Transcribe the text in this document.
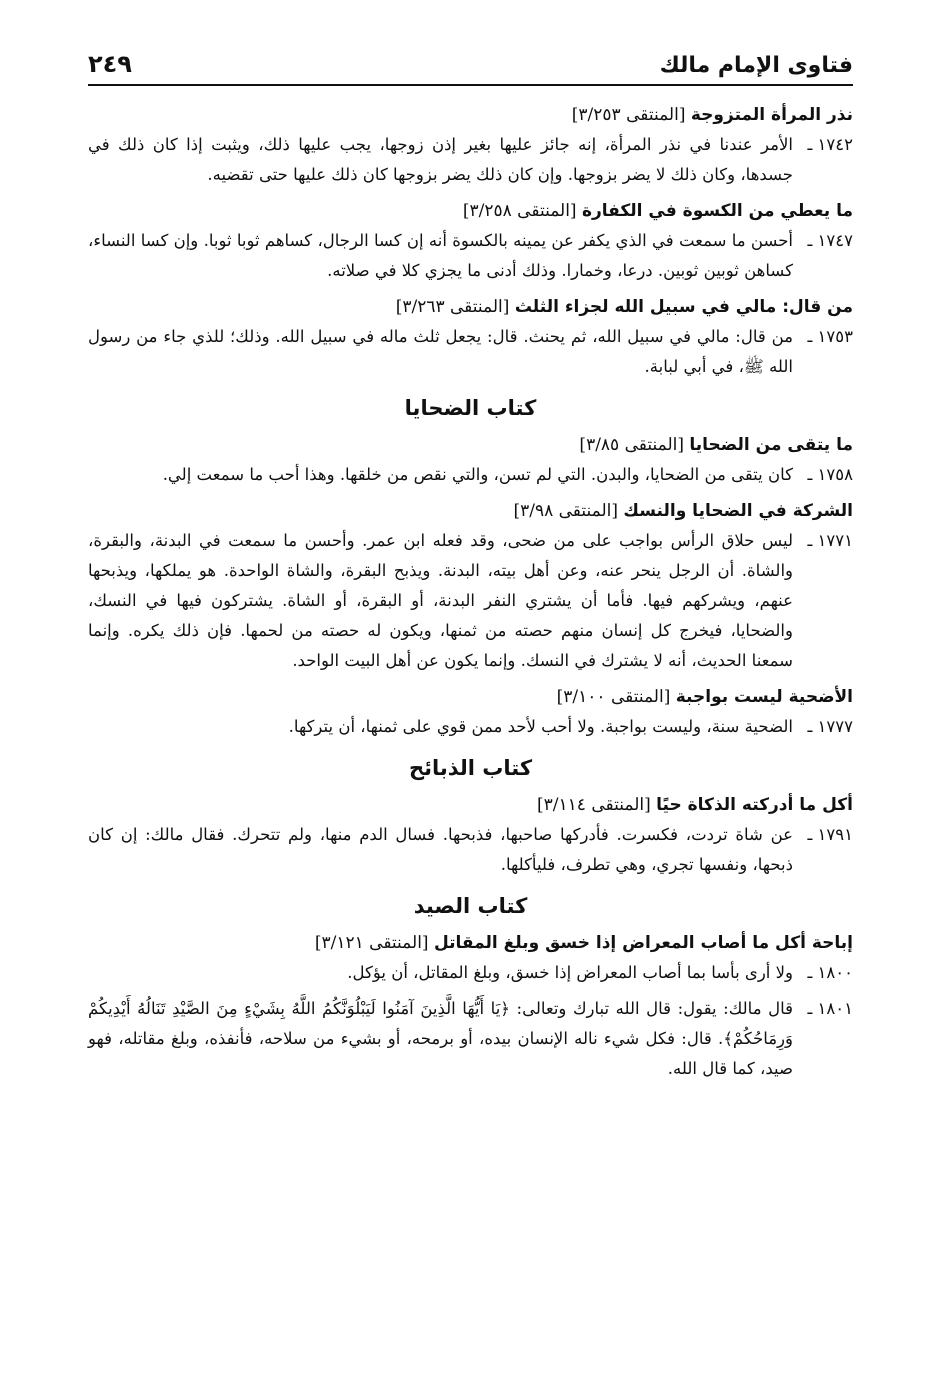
فتاوى الإمام مالك
٢٤٩
نذر المرأة المتزوجة [المنتقى ٣/٢٥٣]
١٧٤٢ ـ
الأمر عندنا في نذر المرأة، إنه جائز عليها بغير إذن زوجها، يجب عليها ذلك، ويثبت إذا كان ذلك في جسدها، وكان ذلك لا يضر بزوجها. وإن كان ذلك يضر بزوجها كان ذلك عليها حتى تقضيه.
ما يعطي من الكسوة في الكفارة [المنتقى ٣/٢٥٨]
١٧٤٧ ـ
أحسن ما سمعت في الذي يكفر عن يمينه بالكسوة أنه إن كسا الرجال، كساهم ثوبا ثوبا. وإن كسا النساء، كساهن ثوبين ثوبين. درعا، وخمارا. وذلك أدنى ما يجزي كلا في صلاته.
من قال: مالي في سبيل الله لجزاء الثلث [المنتقى ٣/٢٦٣]
١٧٥٣ ـ
من قال: مالي في سبيل الله، ثم يحنث. قال: يجعل ثلث ماله في سبيل الله. وذلك؛ للذي جاء من رسول الله ﷺ، في أبي لبابة.
كتاب الضحايا
ما يتقى من الضحايا [المنتقى ٣/٨٥]
١٧٥٨ ـ
كان يتقى من الضحايا، والبدن. التي لم تسن، والتي نقص من خلقها. وهذا أحب ما سمعت إلي.
الشركة في الضحايا والنسك [المنتقى ٣/٩٨]
١٧٧١ ـ
ليس حلاق الرأس بواجب على من ضحى، وقد فعله ابن عمر. وأحسن ما سمعت في البدنة، والبقرة، والشاة. أن الرجل ينحر عنه، وعن أهل بيته، البدنة. ويذبح البقرة، والشاة الواحدة. هو يملكها، ويذبحها عنهم، ويشركهم فيها. فأما أن يشتري النفر البدنة، أو البقرة، أو الشاة. يشتركون فيها في النسك، والضحايا، فيخرج كل إنسان منهم حصته من ثمنها، ويكون له حصته من لحمها. فإن ذلك يكره. وإنما سمعنا الحديث، أنه لا يشترك في النسك. وإنما يكون عن أهل البيت الواحد.
الأضحية ليست بواجبة [المنتقى ٣/١٠٠]
١٧٧٧ ـ
الضحية سنة، وليست بواجبة. ولا أحب لأحد ممن قوي على ثمنها، أن يتركها.
كتاب الذبائح
أكل ما أدركته الذكاة حيًا [المنتقى ٣/١١٤]
١٧٩١ ـ
عن شاة تردت، فكسرت. فأدركها صاحبها، فذبحها. فسال الدم منها، ولم تتحرك. فقال مالك: إن كان ذبحها، ونفسها تجري، وهي تطرف، فليأكلها.
كتاب الصيد
إباحة أكل ما أصاب المعراض إذا خسق وبلغ المقاتل [المنتقى ٣/١٢١]
١٨٠٠ ـ
ولا أرى بأسا بما أصاب المعراض إذا خسق، وبلغ المقاتل، أن يؤكل.
١٨٠١ ـ
قال مالك: يقول: قال الله تبارك وتعالى: ﴿يَا أَيُّهَا الَّذِينَ آمَنُوا لَيَبْلُوَنَّكُمُ اللَّهُ بِشَيْءٍ مِنَ الصَّيْدِ تَنَالُهُ أَيْدِيكُمْ وَرِمَاحُكُمْ﴾. قال: فكل شيء ناله الإنسان بيده، أو برمحه، أو بشيء من سلاحه، فأنفذه، وبلغ مقاتله، فهو صيد، كما قال الله.
